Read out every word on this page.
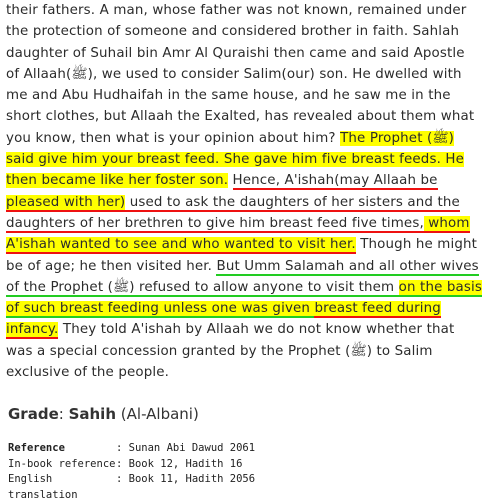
their fathers. A man, whose father was not known, remained under
the protection of someone and considered brother in faith. Sahlah
daughter of Suhail bin Amr Al Quraishi then came and said Apostle
of Allaah(ﷺ), we used to consider Salim(our) son. He dwelled with
me and Abu Hudhaifah in the same house, and he saw me in the
short clothes, but Allaah the Exalted, has revealed about them what
you know, then what is your opinion about him? The Prophet (ﷺ)
said give him your breast feed. She gave him five breast feeds. He
then became like her foster son. Hence, A'ishah(may Allaah be
pleased with her) used to ask the daughters of her sisters and the
daughters of her brethren to give him breast feed five times, whom
A'ishah wanted to see and who wanted to visit her. Though he might
be of age; he then visited her. But Umm Salamah and all other wives
of the Prophet (ﷺ) refused to allow anyone to visit them on the basis
of such breast feeding unless one was given breast feed during
infancy. They told A'ishah by Allaah we do not know whether that
was a special concession granted by the Prophet (ﷺ) to Salim
exclusive of the people.
Grade: Sahih (Al-Albani)
Reference	: Sunan Abi Dawud 2061
In-book reference	: Book 12, Hadith 16
English translation	: Book 11, Hadith 2056
